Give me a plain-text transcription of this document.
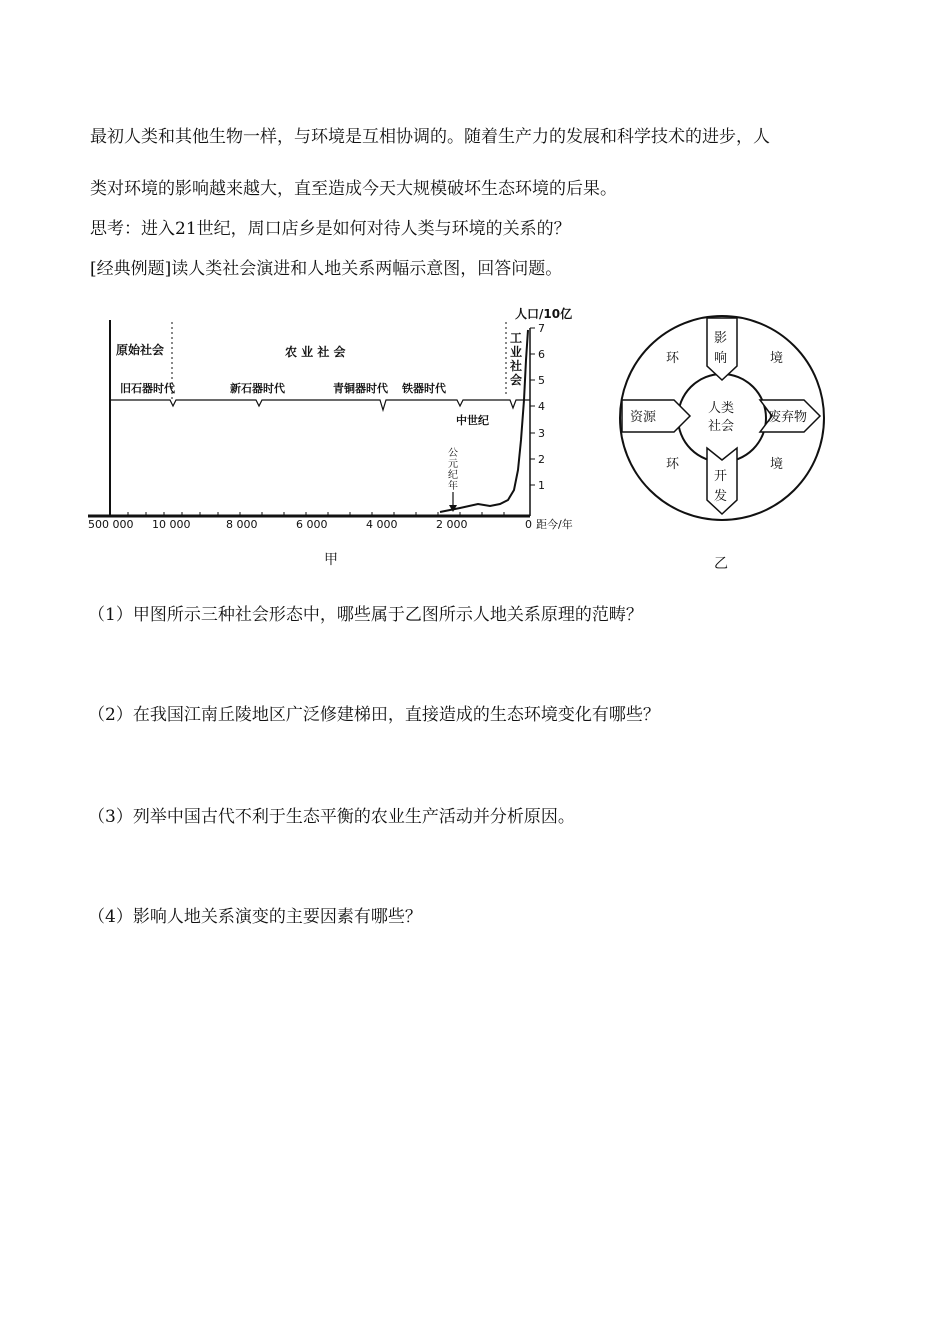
最初人类和其他生物一样，与环境是互相协调的。随着生产力的发展和科学技术的进步，人
类对环境的影响越来越大，直至造成今天大规模破坏生态环境的后果。
思考：进入21世纪，周口店乡是如何对待人类与环境的关系的？
[经典例题]读人类社会演进和人地关系两幅示意图，回答问题。
1
2
3
4
5
6
7
人口/10亿
工
业
社
会
公
元
纪
年
原始社会	农 业 社 会
旧石器时代	新石器时代	青铜器时代 铁器时代
中世纪
500 000 10 000	8 000	6 000	4 000	2 000	0 距今/年
甲
影
响
开
发
资源	废弃物
人类
社会
环	境
环	境
乙
（1）甲图所示三种社会形态中，哪些属于乙图所示人地关系原理的范畴？
（2）在我国江南丘陵地区广泛修建梯田，直接造成的生态环境变化有哪些？
（3）列举中国古代不利于生态平衡的农业生产活动并分析原因。
（4）影响人地关系演变的主要因素有哪些？
